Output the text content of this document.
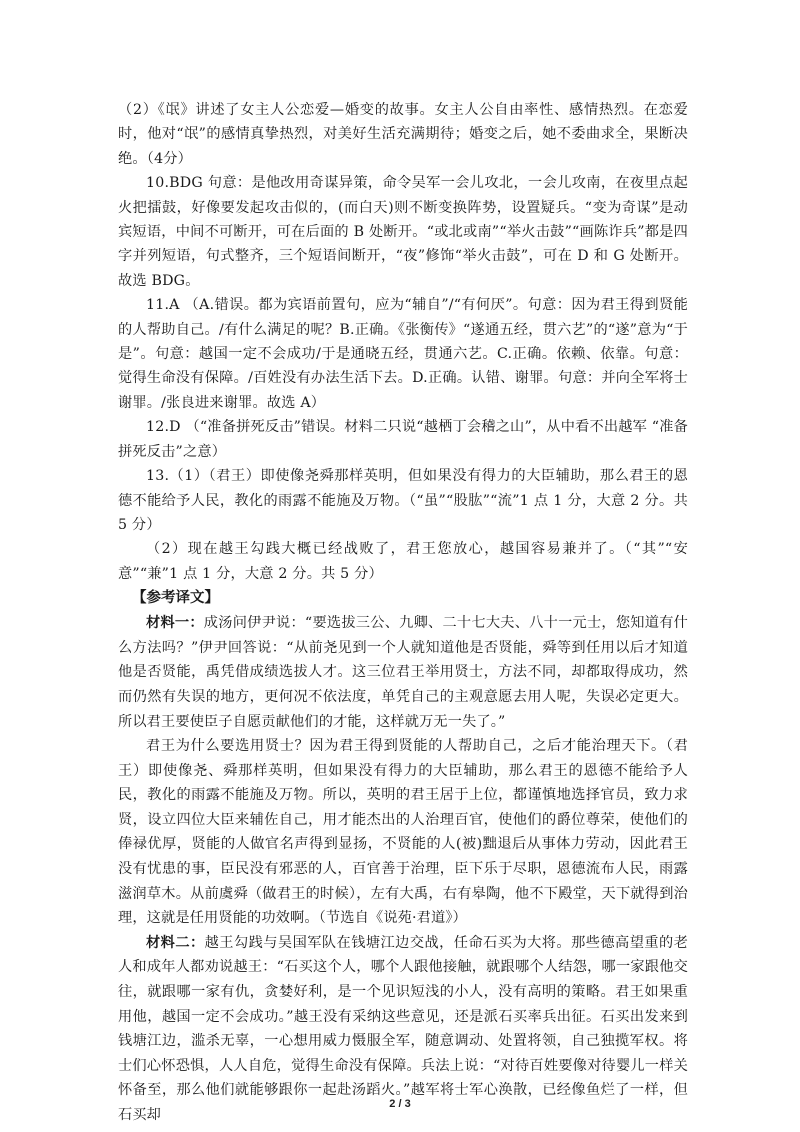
（2）《氓》讲述了女主人公恋爱—婚变的故事。女主人公自由率性、感情热烈。在恋爱时，他对“氓”的感情真挚热烈，对美好生活充满期待；婚变之后，她不委曲求全，果断决绝。（4分）

10.BDG 句意：是他改用奇谋异策，命令吴军一会儿攻北，一会儿攻南，在夜里点起火把擂鼓，好像要发起攻击似的，(而白天)则不断变换阵势，设置疑兵。“变为奇谋”是动宾短语，中间不可断开，可在后面的 B 处断开。“或北或南”“举火击鼓”“画陈诈兵”都是四字并列短语，句式整齐，三个短语间断开，“夜”修饰“举火击鼓”，可在 D 和 G 处断开。故选 BDG。

11.A （A.错误。都为宾语前置句，应为“辅自”/“有何厌”。句意：因为君王得到贤能的人帮助自己。/有什么满足的呢？B.正确。《张衡传》“遂通五经，贯六艺”的“遂”意为“于是”。句意：越国一定不会成功/于是通晓五经，贯通六艺。C.正确。依赖、依靠。句意：觉得生命没有保障。/百姓没有办法生活下去。D.正确。认错、谢罪。句意：并向全军将士谢罪。/张良进来谢罪。故选 A）

12.D （“准备拼死反击”错误。材料二只说“越栖丁会稽之山”，从中看不出越军 “准备拼死反击”之意）

13.（1）（君王）即使像尧舜那样英明，但如果没有得力的大臣辅助，那么君王的恩德不能给予人民，教化的雨露不能施及万物。（“虽”“股肱”“流”1 点 1 分，大意 2 分。共 5 分）

（2）现在越王勾践大概已经战败了，君王您放心，越国容易兼并了。（“其”“安意”“兼”1 点 1 分，大意 2 分。共 5 分）

【参考译文】

材料一：成汤问伊尹说：“要选拔三公、九卿、二十七大夫、八十一元士，您知道有什么方法吗？”伊尹回答说：“从前尧见到一个人就知道他是否贤能，舜等到任用以后才知道他是否贤能，禹凭借成绩选拔人才。这三位君王举用贤士，方法不同，却都取得成功，然而仍然有失误的地方，更何况不依法度，单凭自己的主观意愿去用人呢，失误必定更大。所以君王要使臣子自愿贡献他们的才能，这样就万无一失了。”

君王为什么要选用贤士？因为君王得到贤能的人帮助自己，之后才能治理天下。（君王）即使像尧、舜那样英明，但如果没有得力的大臣辅助，那么君王的恩德不能给予人民，教化的雨露不能施及万物。所以，英明的君王居于上位，都谨慎地选择官员，致力求贤，设立四位大臣来辅佐自己，用才能杰出的人治理百官，使他们的爵位尊荣，使他们的俸禄优厚，贤能的人做官名声得到显扬，不贤能的人(被)黜退后从事体力劳动，因此君王没有忧患的事，臣民没有邪恶的人，百官善于治理，臣下乐于尽职，恩德流布人民，雨露滋润草木。从前虞舜（做君王的时候），左有大禹，右有皋陶，他不下殿堂，天下就得到治理，这就是任用贤能的功效啊。（节选自《说苑·君道》）

材料二：越王勾践与吴国军队在钱塘江边交战，任命石买为大将。那些德高望重的老人和成年人都劝说越王：“石买这个人，哪个人跟他接触，就跟哪个人结怨，哪一家跟他交往，就跟哪一家有仇，贪婪好利，是一个见识短浅的小人，没有高明的策略。君王如果重用他，越国一定不会成功。”越王没有采纳这些意见，还是派石买率兵出征。石买出发来到钱塘江边，滥杀无辜，一心想用威力慑服全军，随意调动、处置将领，自己独揽军权。将士们心怀恐惧，人人自危，觉得生命没有保障。兵法上说：“对待百姓要像对待婴儿一样关怀备至，那么他们就能够跟你一起赴汤蹈火。”越军将士军心涣散，已经像鱼烂了一样，但石买却

2 / 3
